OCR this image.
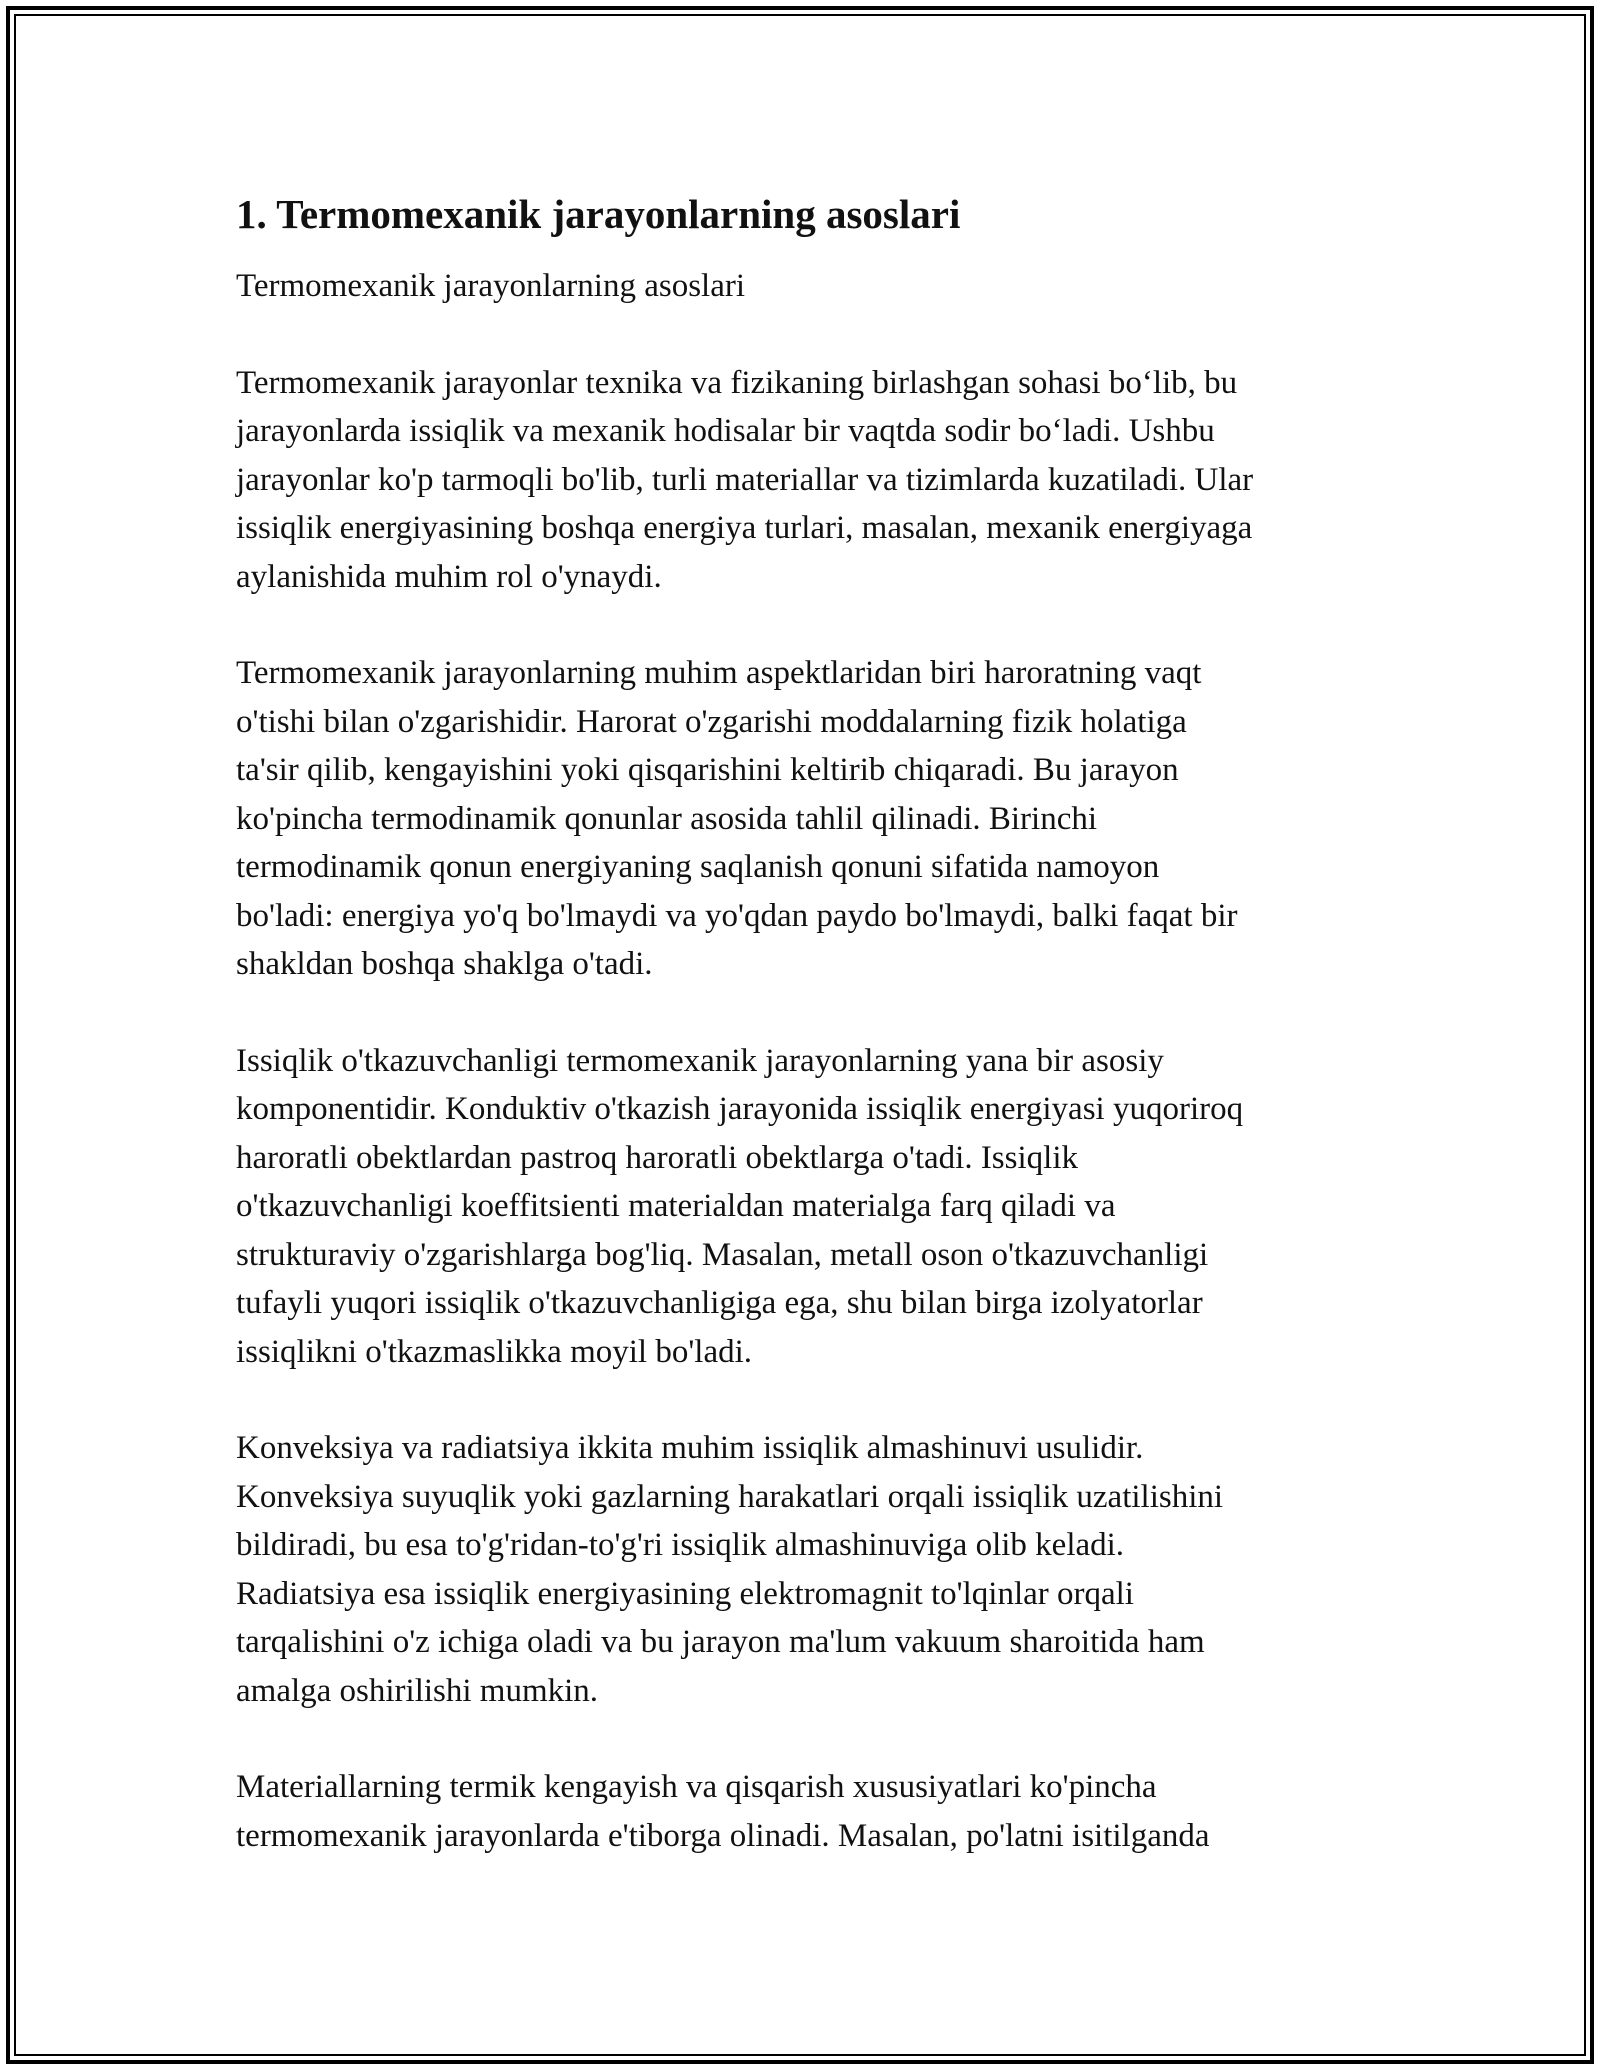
1. Termomexanik jarayonlarning asoslari
Termomexanik jarayonlarning asoslari
Termomexanik jarayonlar texnika va fizikaning birlashgan sohasi bo‘lib, bu
jarayonlarda issiqlik va mexanik hodisalar bir vaqtda sodir bo‘ladi. Ushbu
jarayonlar ko'p tarmoqli bo'lib, turli materiallar va tizimlarda kuzatiladi. Ular
issiqlik energiyasining boshqa energiya turlari, masalan, mexanik energiyaga
aylanishida muhim rol o'ynaydi.
Termomexanik jarayonlarning muhim aspektlaridan biri haroratning vaqt
o'tishi bilan o'zgarishidir. Harorat o'zgarishi moddalarning fizik holatiga
ta'sir qilib, kengayishini yoki qisqarishini keltirib chiqaradi. Bu jarayon
ko'pincha termodinamik qonunlar asosida tahlil qilinadi. Birinchi
termodinamik qonun energiyaning saqlanish qonuni sifatida namoyon
bo'ladi: energiya yo'q bo'lmaydi va yo'qdan paydo bo'lmaydi, balki faqat bir
shakldan boshqa shaklga o'tadi.
Issiqlik o'tkazuvchanligi termomexanik jarayonlarning yana bir asosiy
komponentidir. Konduktiv o'tkazish jarayonida issiqlik energiyasi yuqoriroq
haroratli obektlardan pastroq haroratli obektlarga o'tadi. Issiqlik
o'tkazuvchanligi koeffitsienti materialdan materialga farq qiladi va
strukturaviy o'zgarishlarga bog'liq. Masalan, metall oson o'tkazuvchanligi
tufayli yuqori issiqlik o'tkazuvchanligiga ega, shu bilan birga izolyatorlar
issiqlikni o'tkazmaslikka moyil bo'ladi.
Konveksiya va radiatsiya ikkita muhim issiqlik almashinuvi usulidir.
Konveksiya suyuqlik yoki gazlarning harakatlari orqali issiqlik uzatilishini
bildiradi, bu esa to'g'ridan-to'g'ri issiqlik almashinuviga olib keladi.
Radiatsiya esa issiqlik energiyasining elektromagnit to'lqinlar orqali
tarqalishini o'z ichiga oladi va bu jarayon ma'lum vakuum sharoitida ham
amalga oshirilishi mumkin.
Materiallarning termik kengayish va qisqarish xususiyatlari ko'pincha
termomexanik jarayonlarda e'tiborga olinadi. Masalan, po'latni isitilganda
